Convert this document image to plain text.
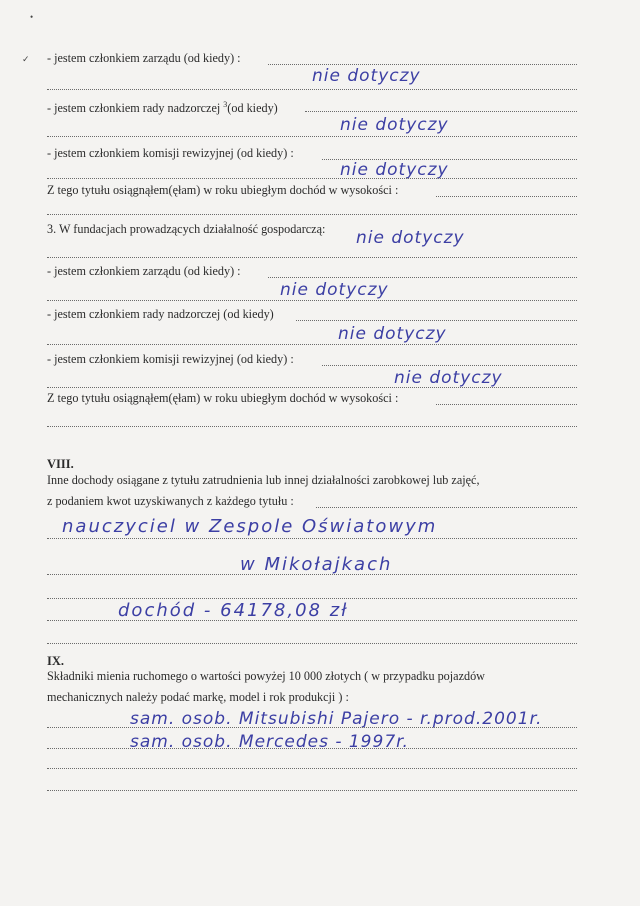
•
✓ - jestem członkiem zarządu (od kiedy) :
nie dotyczy
- jestem członkiem rady nadzorczej $^3$(od kiedy)
nie dotyczy
- jestem członkiem komisji rewizyjnej (od kiedy) :
nie dotyczy
Z tego tytułu osiągnąłem(ęłam) w roku ubiegłym dochód w wysokości :
3. W fundacjach prowadzących działalność gospodarczą:	nie dotyczy
- jestem członkiem zarządu (od kiedy) :
nie dotyczy
- jestem członkiem rady nadzorczej (od kiedy)
nie dotyczy
- jestem członkiem komisji rewizyjnej (od kiedy) :
nie dotyczy
Z tego tytułu osiągnąłem(ęłam) w roku ubiegłym dochód w wysokości :
VIII.
Inne dochody osiągane z tytułu zatrudnienia lub innej działalności zarobkowej lub zajęć,
z podaniem kwot uzyskiwanych z każdego tytułu :
nauczyciel w Zespole Oświatowym
w Mikołajkach
dochód - 64178,08 zł
IX.
Składniki mienia ruchomego o wartości powyżej 10 000 złotych ( w przypadku pojazdów
mechanicznych należy podać markę, model i rok produkcji ) :
sam. osob. Mitsubishi Pajero - r.prod.2001r.
sam. osob. Mercedes - 1997r.
